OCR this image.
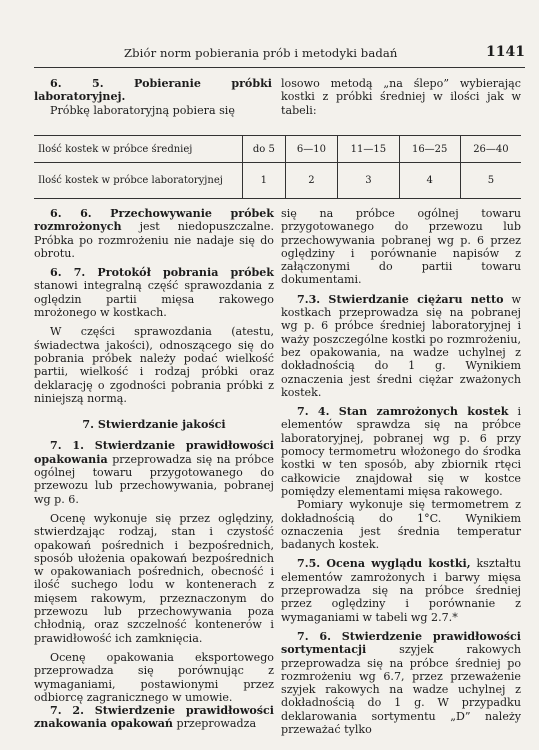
Zbiór norm pobierania prób i metodyki badań	1141

6. 5. Pobieranie próbki laboratoryjnej.

Próbkę laboratoryjną pobiera się

losowo metodą „na ślepo” wybierając kostki z próbki średniej w ilości jak w tabeli:

Ilość kostek w próbce średniej	do 5	6—10	11—15	16—25	26—40
Ilość kostek w próbce laboratoryjnej	1	2	3	4	5

6. 6. Przechowywanie próbek rozmrożonych jest niedopuszczalne. Próbka po rozmrożeniu nie nadaje się do obrotu.

6. 7. Protokół pobrania próbek stanowi integralną część sprawozdania z oględzin partii mięsa rakowego mrożonego w kostkach.

W części sprawozdania (atestu, świadectwa jakości), odnoszącego się do pobrania próbek należy podać wielkość partii, wielkość i rodzaj próbki oraz deklarację o zgodności pobrania próbki z niniejszą normą.

7. Stwierdzanie jakości

7. 1. Stwierdzanie prawidłowości opakowania przeprowadza się na próbce ogólnej towaru przygotowanego do przewozu lub przechowywania, pobranej wg p. 6.

Ocenę wykonuje się przez oględziny, stwierdzając rodzaj, stan i czystość opakowań pośrednich i bezpośrednich, sposób ułożenia opakowań bezpośrednich w opakowaniach pośrednich, obecność i ilość suchego lodu w kontenerach z mięsem rakowym, przeznaczonym do przewozu lub przechowywania poza chłodnią, oraz szczelność kontenerów i prawidłowość ich zamknięcia.

Ocenę opakowania eksportowego przeprowadza się porównując z wymaganiami, postawionymi przez odbiorcę zagranicznego w umowie.

7. 2. Stwierdzenie prawidłowości znakowania opakowań przeprowadza

się na próbce ogólnej towaru przygotowanego do przewozu lub przechowywania pobranej wg p. 6 przez oględziny i porównanie napisów z załączonymi do partii towaru dokumentami.

7.3. Stwierdzanie ciężaru netto w kostkach przeprowadza się na pobranej wg p. 6 próbce średniej laboratoryjnej i waży poszczególne kostki po rozmrożeniu, bez opakowania, na wadze uchylnej z dokładnością do 1 g. Wynikiem oznaczenia jest średni ciężar zważonych kostek.

7. 4. Stan zamrożonych kostek i elementów sprawdza się na próbce laboratoryjnej, pobranej wg p. 6 przy pomocy termometru włożonego do środka kostki w ten sposób, aby zbiornik rtęci całkowicie znajdował się w kostce pomiędzy elementami mięsa rakowego.

Pomiary wykonuje się termometrem z dokładnością do 1°C. Wynikiem oznaczenia jest średnia temperatur badanych kostek.

7.5. Ocena wyglądu kostki, kształtu elementów zamrożonych i barwy mięsa przeprowadza się na próbce średniej przez oględziny i porównanie z wymaganiami w tabeli wg 2.7.*

7. 6. Stwierdzenie prawidłowości sortymentacji	szyjek rakowych przeprowadza się na próbce średniej po rozmrożeniu wg 6.7, przez przeważenie szyjek rakowych na wadze uchylnej z dokładnością do 1 g. W przypadku deklarowania sortymentu „D” należy przeważać tylko
